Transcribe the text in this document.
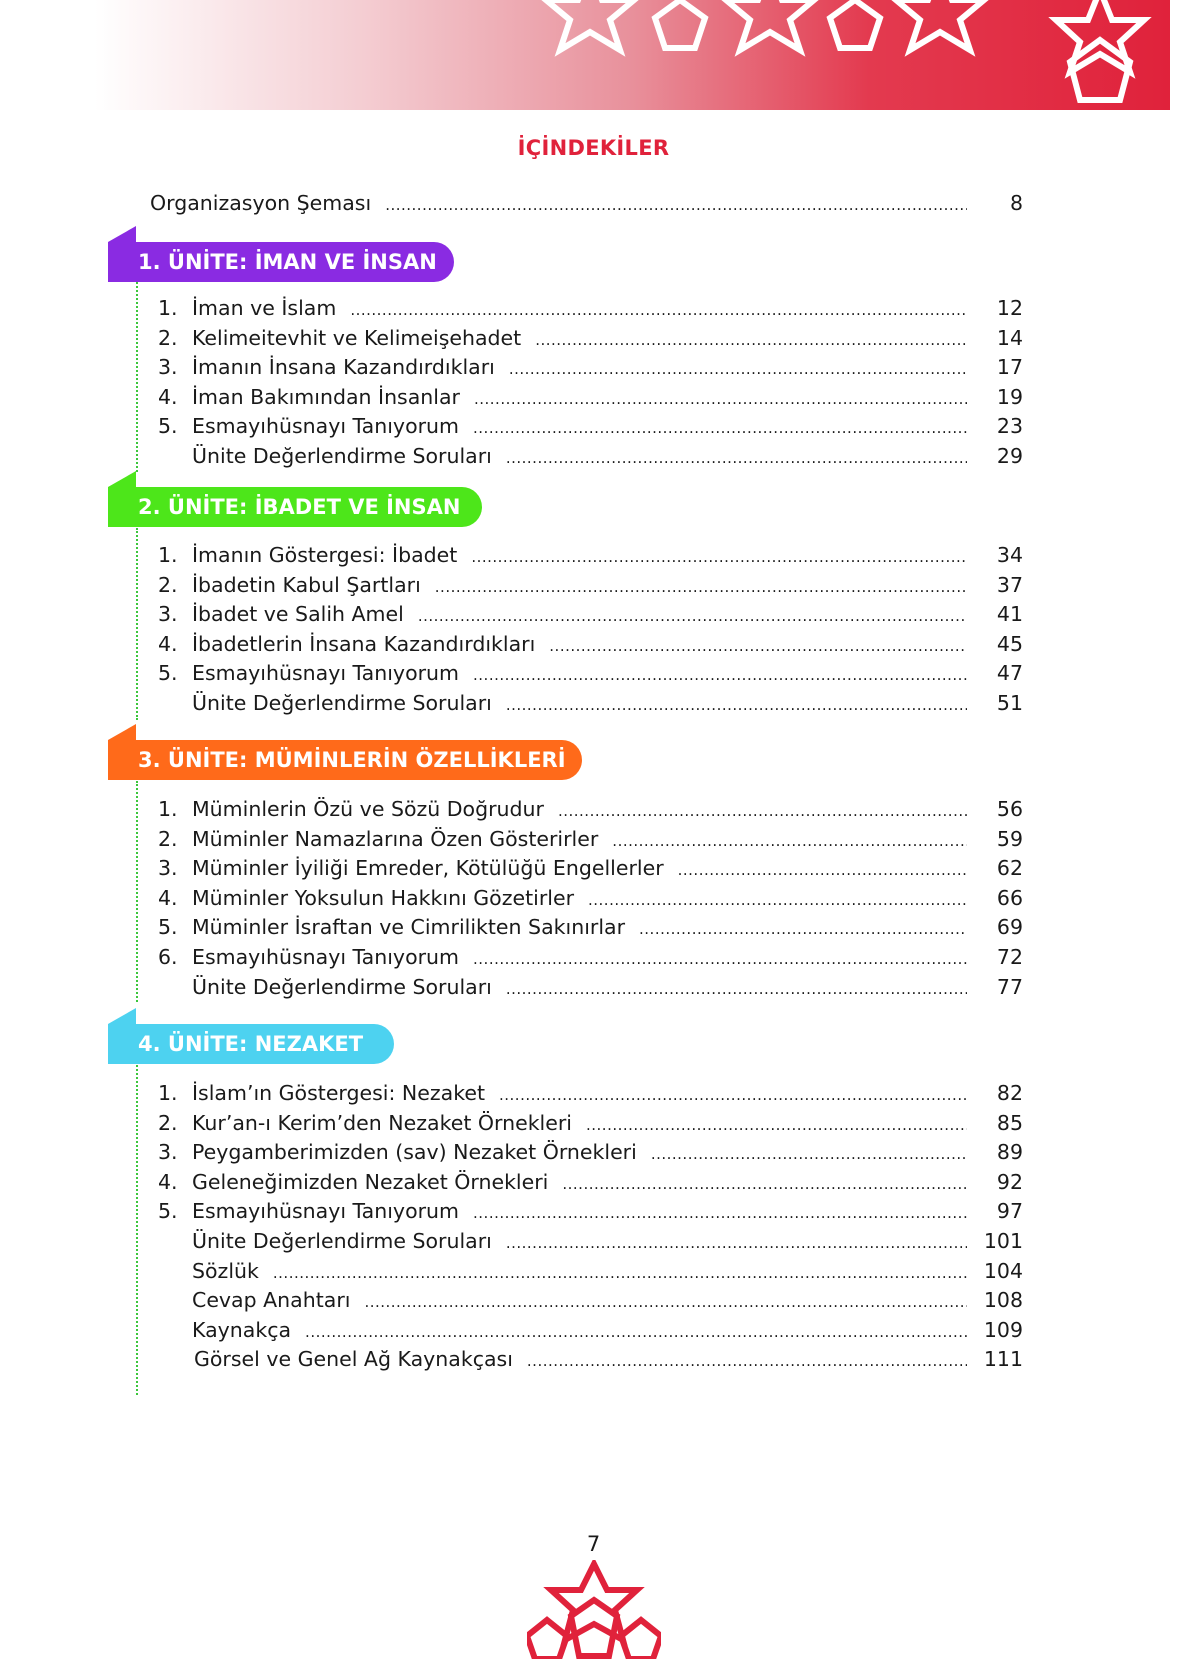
İÇİNDEKİLER
Organizasyon Şeması .....	8
1. ÜNİTE: İMAN VE İNSAN
1. İman ve İslam .....	12
2. Kelimeitevhit ve Kelimeişehadet .....	14
3. İmanın İnsana Kazandırdıkları .....	17
4. İman Bakımından İnsanlar .....	19
5. Esmayıhüsnayı Tanıyorum .....	23
Ünite Değerlendirme Soruları .....	29
2. ÜNİTE: İBADET VE İNSAN
1. İmanın Göstergesi: İbadet .....	34
2. İbadetin Kabul Şartları .....	37
3. İbadet ve Salih Amel .....	41
4. İbadetlerin İnsana Kazandırdıkları .....	45
5. Esmayıhüsnayı Tanıyorum .....	47
Ünite Değerlendirme Soruları .....	51
3. ÜNİTE: MÜMİNLERİN ÖZELLİKLERİ
1. Müminlerin Özü ve Sözü Doğrudur .....	56
2. Müminler Namazlarına Özen Gösterirler .....	59
3. Müminler İyiliği Emreder, Kötülüğü Engellerler .....	62
4. Müminler Yoksulun Hakkını Gözetirler .....	66
5. Müminler İsraftan ve Cimrilikten Sakınırlar .....	69
6. Esmayıhüsnayı Tanıyorum .....	72
Ünite Değerlendirme Soruları .....	77
4. ÜNİTE: NEZAKET
1. İslam’ın Göstergesi: Nezaket .....	82
2. Kur’an-ı Kerim’den Nezaket Örnekleri .....	85
3. Peygamberimizden (sav) Nezaket Örnekleri .....	89
4. Geleneğimizden Nezaket Örnekleri .....	92
5. Esmayıhüsnayı Tanıyorum .....	97
Ünite Değerlendirme Soruları .....	101
Sözlük .....	104
Cevap Anahtarı .....	108
Kaynakça .....	109
Görsel ve Genel Ağ Kaynakçası .....	111
7
